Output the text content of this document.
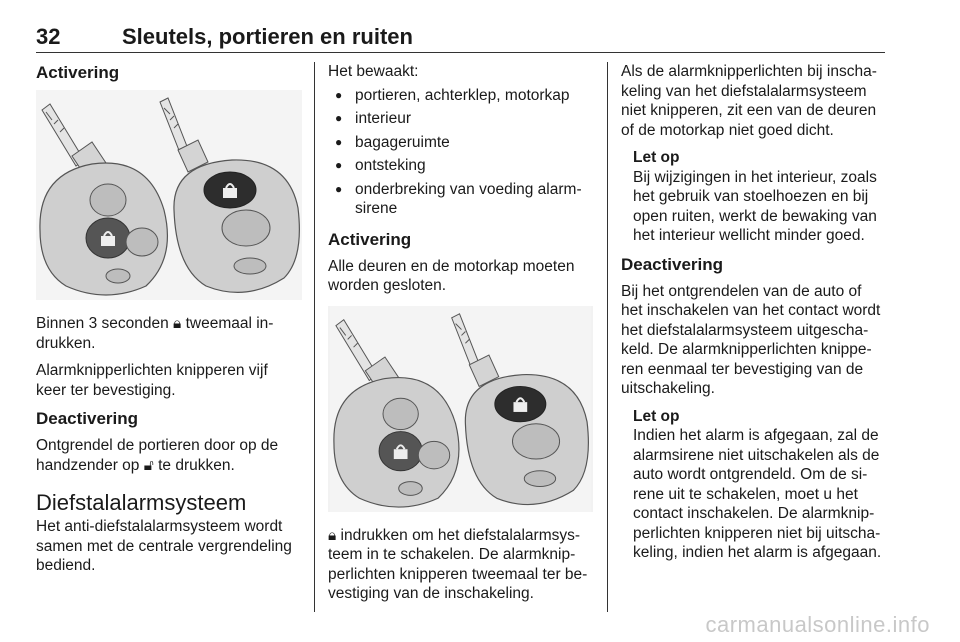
32	Sleutels, portieren en ruiten
Activering

Binnen 3 seconden 🔒︎ tweemaal in-drukken.

Alarmknipperlichten knipperen vijf keer ter bevestiging.

Deactivering

Ontgrendel de portieren door op de handzender op 🔓︎ te drukken.

Diefstalalarmsysteem

Het anti-diefstalalarmsysteem wordt samen met de centrale vergrendeling bediend.

Het bewaakt:

● portieren, achterklep, motorkap
● interieur
● bagageruimte
● ontsteking
● onderbreking van voeding alarm-sirene
Activering

Alle deuren en de motorkap moeten worden gesloten.

🔒︎ indrukken om het diefstalalarmsys-teem in te schakelen. De alarmknip-perlichten knipperen tweemaal ter be-vestiging van de inschakeling.

Als de alarmknipperlichten bij inscha-keling van het diefstalalarmsysteem niet knipperen, zit een van de deuren of de motorkap niet goed dicht.

Let op
Bij wijzigingen in het interieur, zoals het gebruik van stoelhoezen en bij open ruiten, werkt de bewaking van het interieur wellicht minder goed.
Deactivering

Bij het ontgrendelen van de auto of het inschakelen van het contact wordt het diefstalalarmsysteem uitgescha-keld. De alarmknipperlichten knippe-ren eenmaal ter bevestiging van de uitschakeling.

Let op
Indien het alarm is afgegaan, zal de alarmsirene niet uitschakelen als de auto wordt ontgrendeld. Om de si-rene uit te schakelen, moet u het contact inschakelen. De alarmknip-perlichten knipperen niet bij uitscha-keling, indien het alarm is afgegaan.
carmanualsonline.info
